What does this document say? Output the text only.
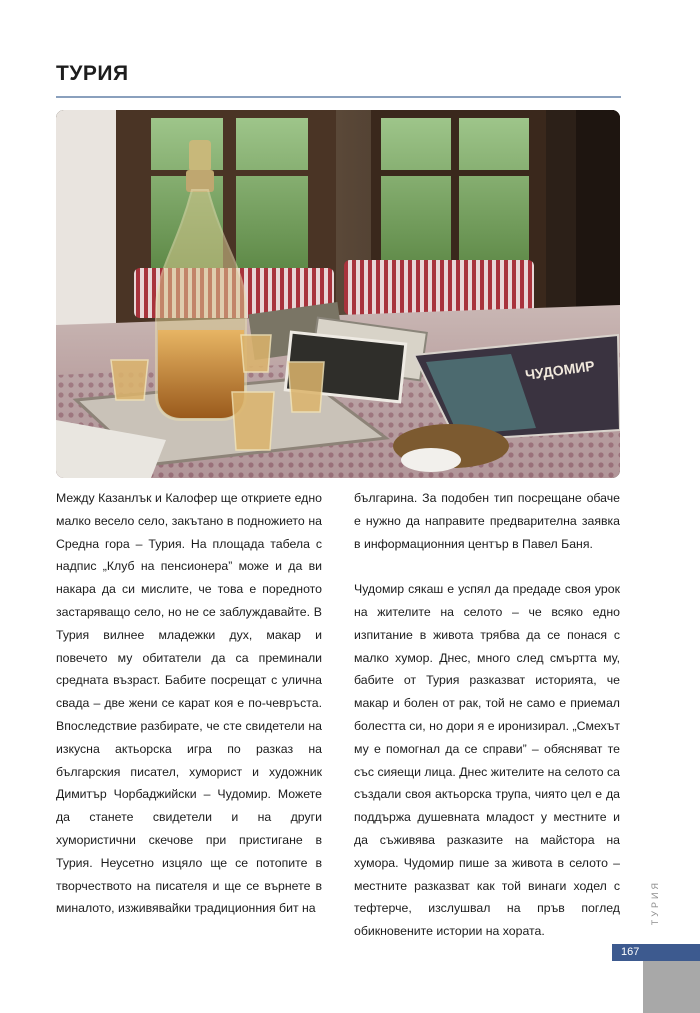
ТУРИЯ
ЧУДОМИР

Между Казанлък и Калофер ще откриете едно малко весело село, закътано в подножието на Средна гора – Турия. На площада табела с надпис „Клуб на пенсионера” може и да ви накара да си мислите, че това е поредното застаряващо село, но не се заблуждавайте. В Турия вилнее младежки дух, макар и повечето му обитатели да са преминали средната възраст. Бабите посрещат с улична свада – две жени се карат коя е по-чевръста. Впоследствие разбирате, че сте свидетели на изкусна актьорска игра по разказ на българския писател, хуморист и художник Димитър Чорбаджийски – Чудомир. Можете да станете свидетели и на други хумористични скечове при пристигане в Турия. Неусетно изцяло ще се потопите в творчеството на писателя и ще се върнете в миналото, изживявайки традиционния бит на

българина. За подобен тип посрещане обаче е нужно да направите предварителна заявка в информационния център в Павел Баня.

Чудомир сякаш е успял да предаде своя урок на жителите на селото – че всяко едно изпитание в живота трябва да се понася с малко хумор. Днес, много след смъртта му, бабите от Турия разказват историята, че макар и болен от рак, той не само е приемал болестта си, но дори я е иронизирал. „Смехът му е помогнал да се справи” – обясняват те със сияещи лица. Днес жителите на селото са създали своя актьорска трупа, чиято цел е да поддържа душевната младост у местните и да съживява разказите на майстора на хумора. Чудомир пише за живота в селото – местните разказват как той винаги ходел с тефтерче, изслушвал на пръв поглед обикновените истории на хората.

ТУРИЯ
167
